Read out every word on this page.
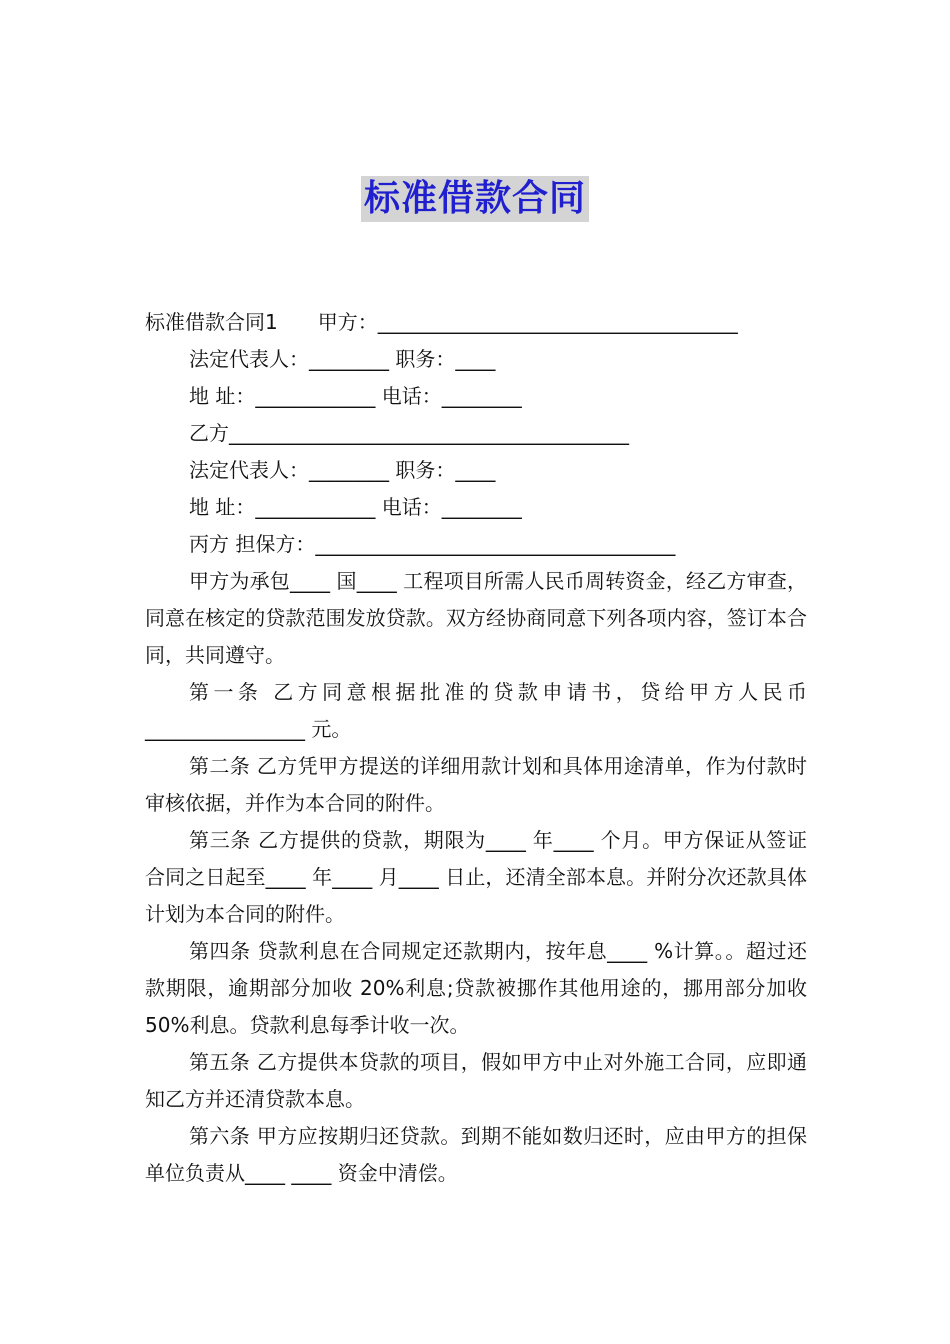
标准借款合同
标准借款合同1　　甲方：____________________________________
法定代表人：________ 职务：____
地 址：____________ 电话：________
乙方________________________________________
法定代表人：________ 职务：____
地 址：____________ 电话：________
丙方 担保方：____________________________________

甲方为承包____ 国____ 工程项目所需人民币周转资金，经乙方审查，同意在核定的贷款范围发放贷款。双方经协商同意下列各项内容，签订本合同，共同遵守。

第一条 乙方同意根据批准的贷款申请书，贷给甲方人民币________________ 元。

第二条 乙方凭甲方提送的详细用款计划和具体用途清单，作为付款时审核依据，并作为本合同的附件。

第三条 乙方提供的贷款，期限为____ 年____ 个月。甲方保证从签证合同之日起至____ 年____ 月____ 日止，还清全部本息。并附分次还款具体计划为本合同的附件。

第四条 贷款利息在合同规定还款期内，按年息____ %计算。。超过还款期限，逾期部分加收 20%利息;贷款被挪作其他用途的，挪用部分加收 50%利息。贷款利息每季计收一次。

第五条 乙方提供本贷款的项目，假如甲方中止对外施工合同，应即通知乙方并还清贷款本息。

第六条 甲方应按期归还贷款。到期不能如数归还时，应由甲方的担保单位负责从____ ____ 资金中清偿。
